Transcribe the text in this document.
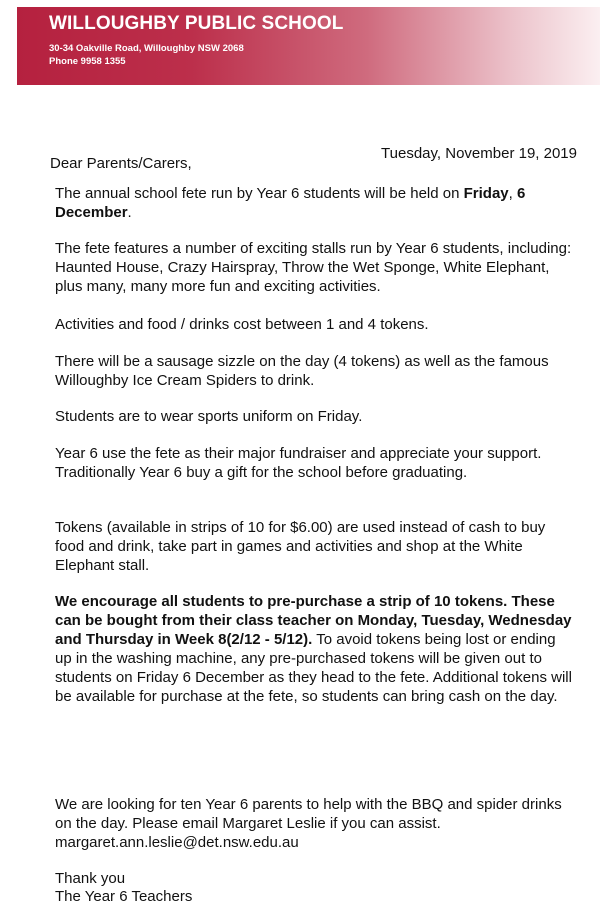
WILLOUGHBY PUBLIC SCHOOL
30-34 Oakville Road, Willoughby NSW 2068
Phone 9958 1355
Tuesday, November 19, 2019
Dear Parents/Carers,

The annual school fete run by Year 6 students will be held on Friday, 6 December.

The fete features a number of exciting stalls run by Year 6 students, including: Haunted House, Crazy Hairspray, Throw the Wet Sponge, White Elephant, plus many, many more fun and exciting activities.

Activities and food / drinks cost between 1 and 4 tokens.

There will be a sausage sizzle on the day (4 tokens) as well as the famous Willoughby Ice Cream Spiders to drink.

Students are to wear sports uniform on Friday.

Year 6 use the fete as their major fundraiser and appreciate your support. Traditionally Year 6 buy a gift for the school before graduating.

Tokens (available in strips of 10 for $6.00) are used instead of cash to buy food and drink, take part in games and activities and shop at the White Elephant stall.

We encourage all students to pre-purchase a strip of 10 tokens. These can be bought from their class teacher on Monday, Tuesday, Wednesday and Thursday in Week 8(2/12 - 5/12). To avoid tokens being lost or ending up in the washing machine, any pre-purchased tokens will be given out to students on Friday 6 December as they head to the fete. Additional tokens will be available for purchase at the fete, so students can bring cash on the day.

We are looking for ten Year 6 parents to help with the BBQ and spider drinks on the day. Please email Margaret Leslie if you can assist. margaret.ann.leslie@det.nsw.edu.au

Thank you

The Year 6 Teachers
